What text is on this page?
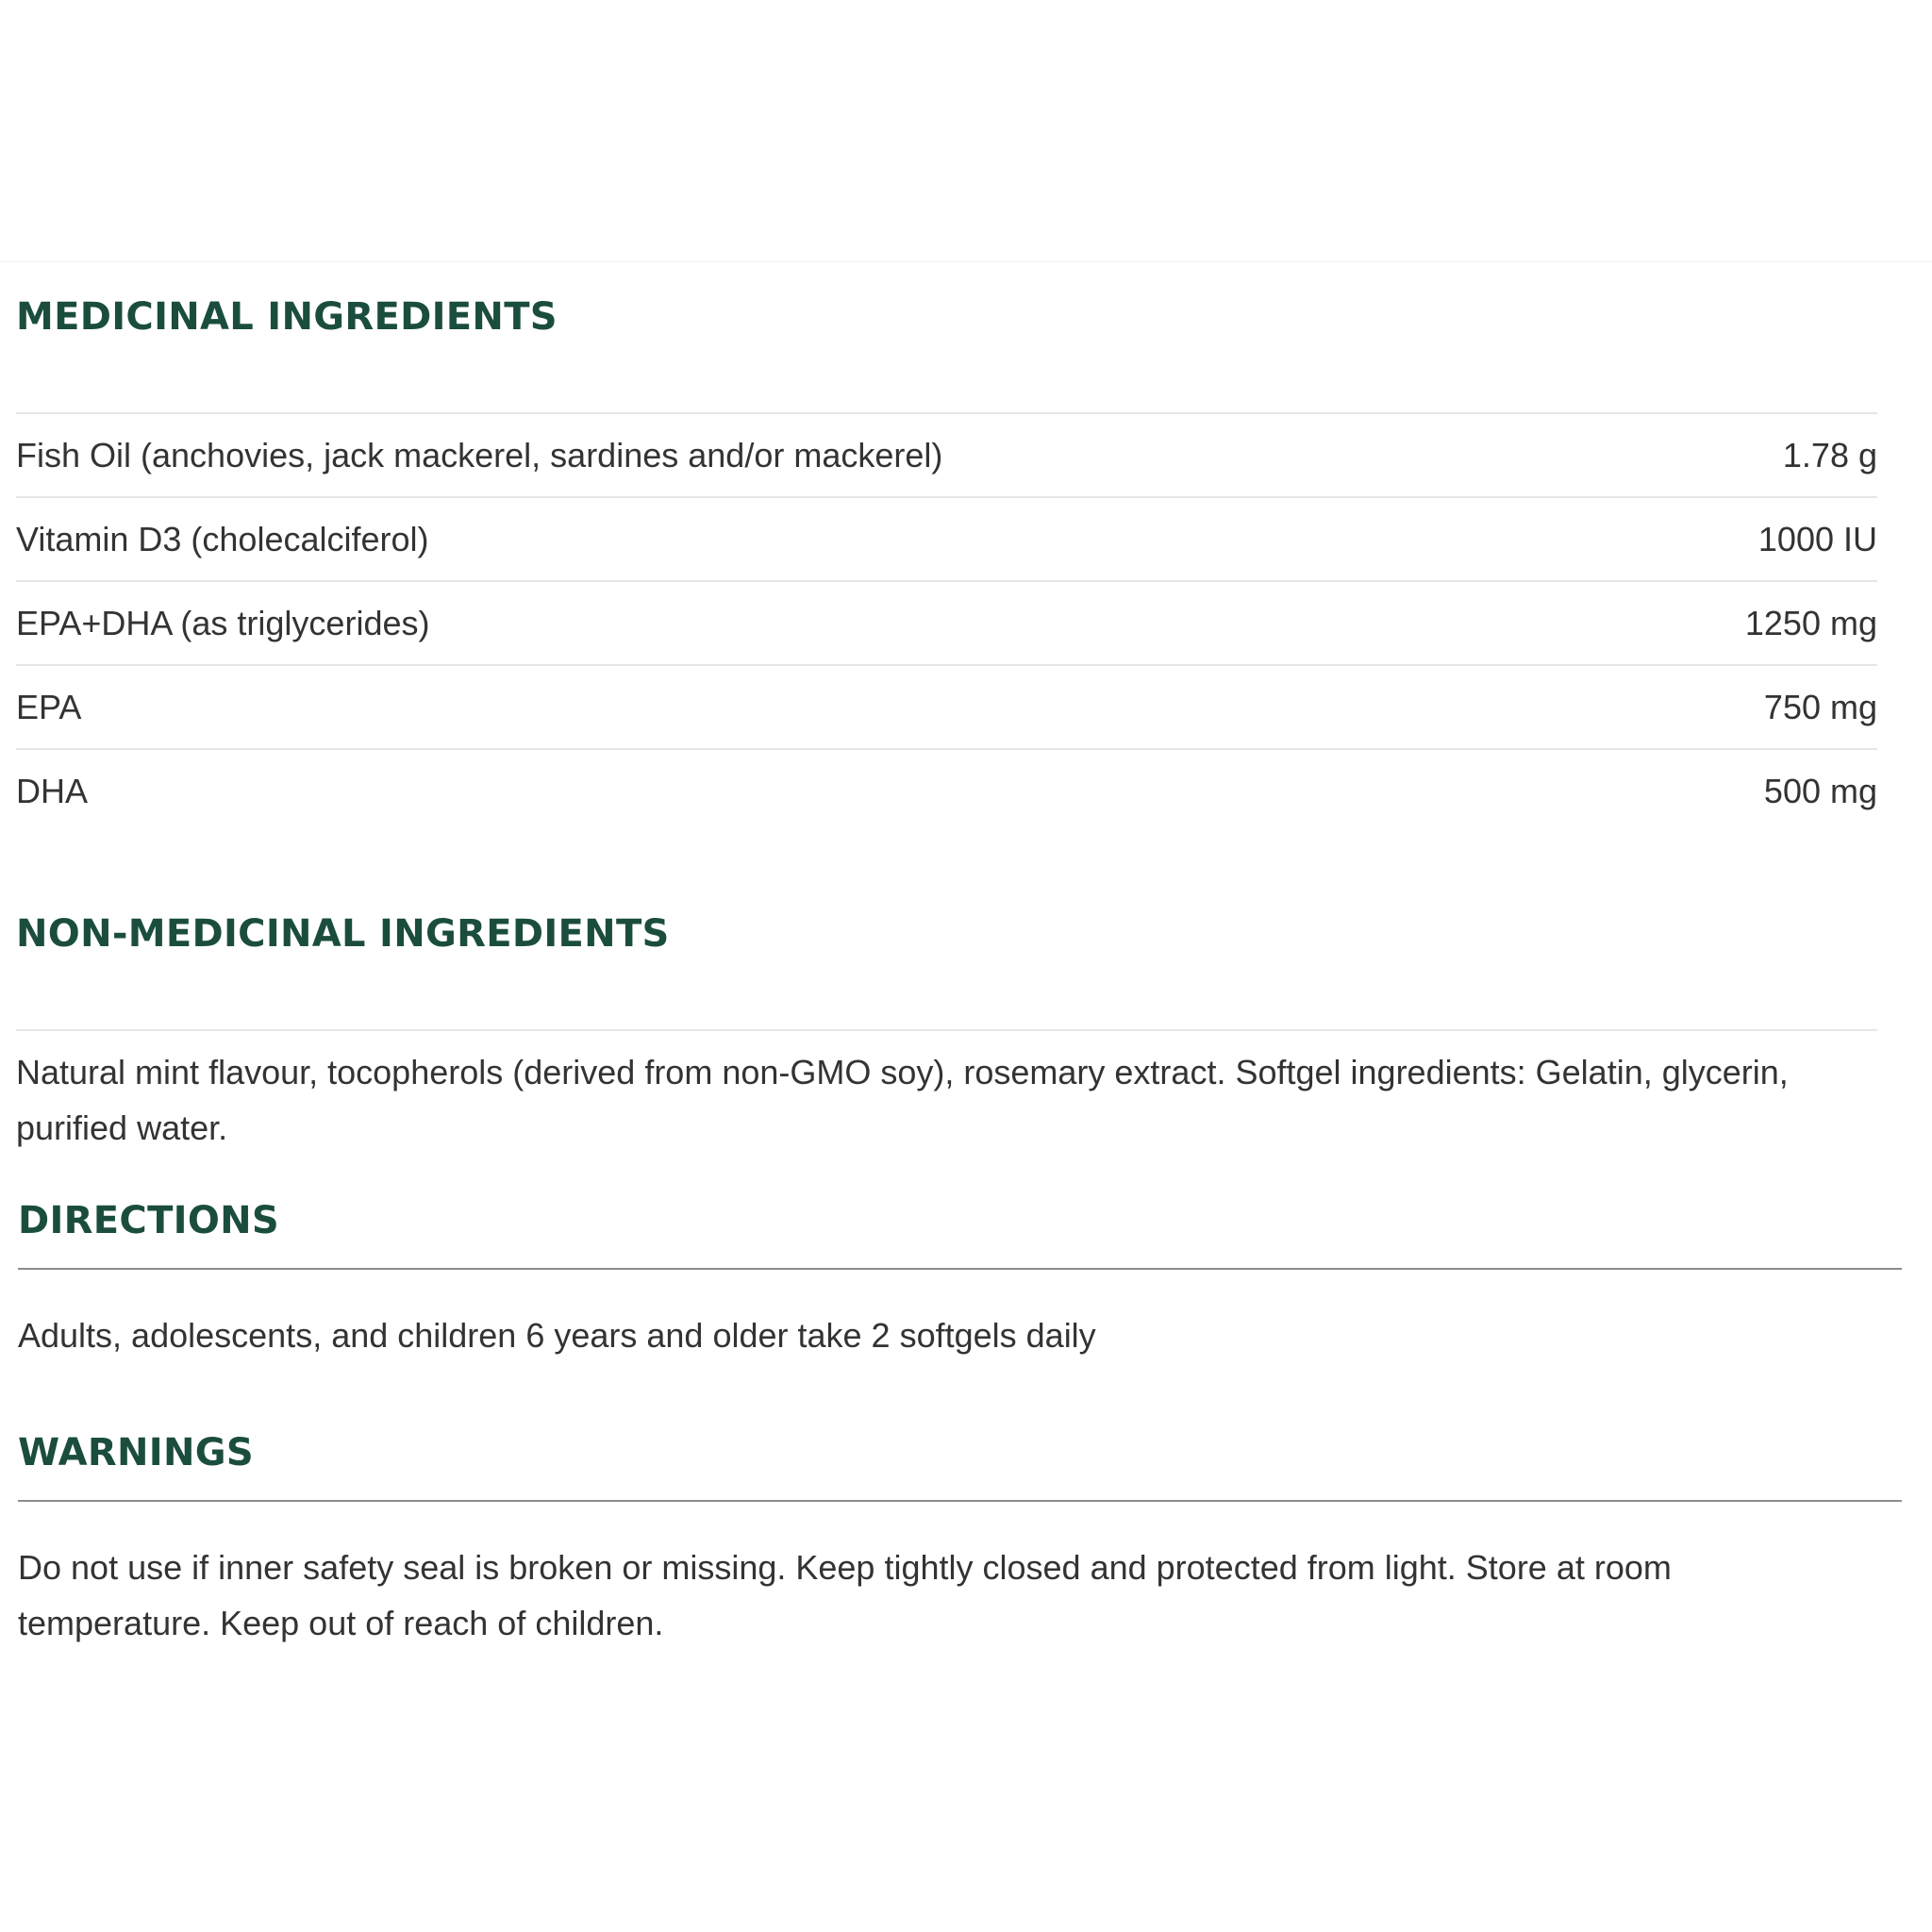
MEDICINAL INGREDIENTS
Fish Oil (anchovies, jack mackerel, sardines and/or mackerel)	1.78 g
Vitamin D3 (cholecalciferol)	1000 IU
EPA+DHA (as triglycerides)	1250 mg
EPA	750 mg
DHA	500 mg
NON-MEDICINAL INGREDIENTS

Natural mint flavour, tocopherols (derived from non-GMO soy), rosemary extract. Softgel ingredients: Gelatin, glycerin, purified water.

DIRECTIONS

Adults, adolescents, and children 6 years and older take 2 softgels daily

WARNINGS

Do not use if inner safety seal is broken or missing. Keep tightly closed and protected from light. Store at room temperature. Keep out of reach of children.
